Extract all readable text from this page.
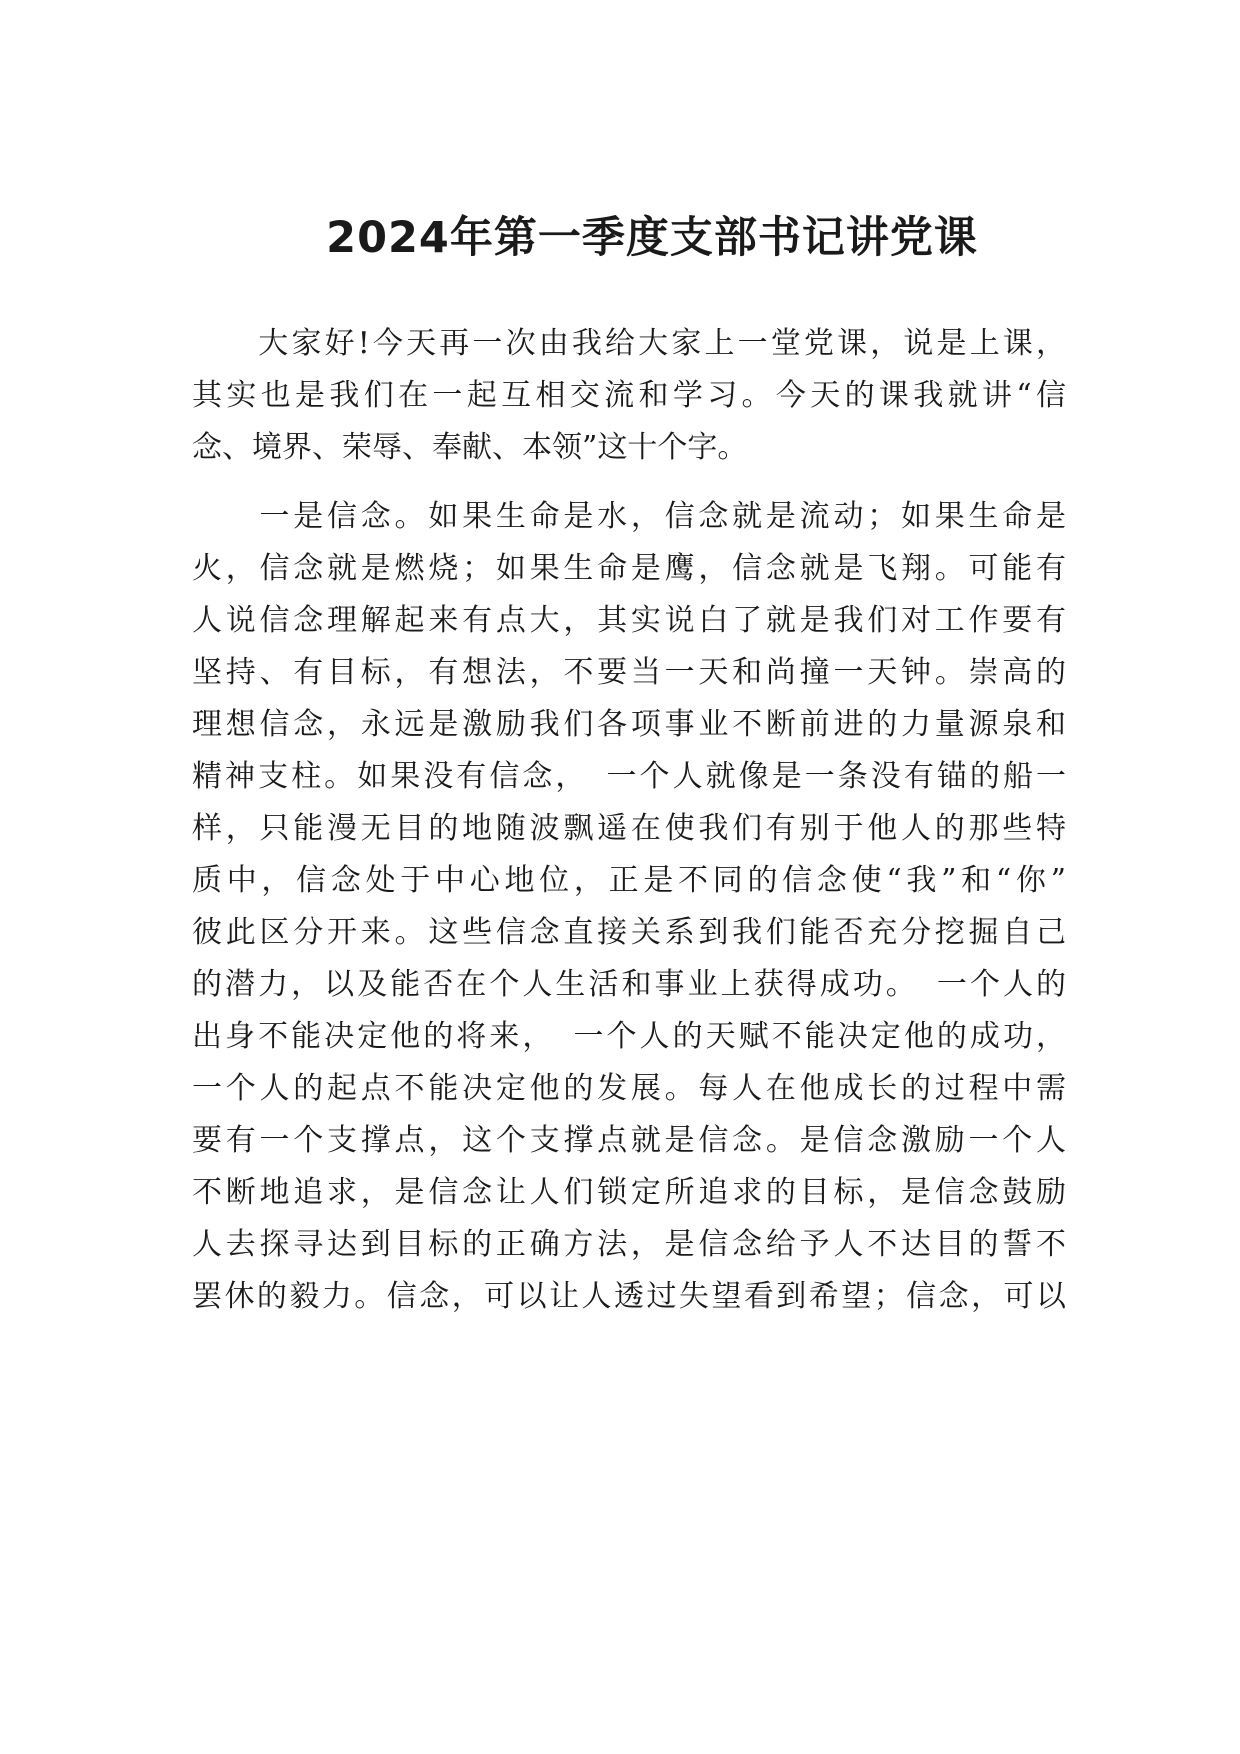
2024年第一季度支部书记讲党课
　　大家好!今天再一次由我给大家上一堂党课，说是上课，
其实也是我们在一起互相交流和学习。今天的课我就讲“信
念、境界、荣辱、奉献、本领”这十个字。
　　一是信念。如果生命是水，信念就是流动；如果生命是
火，信念就是燃烧；如果生命是鹰，信念就是飞翔。可能有
人说信念理解起来有点大，其实说白了就是我们对工作要有
坚持、有目标，有想法，不要当一天和尚撞一天钟。崇高的
理想信念，永远是激励我们各项事业不断前进的力量源泉和
精神支柱。如果没有信念，　一个人就像是一条没有锚的船一
样，只能漫无目的地随波飘遥在使我们有别于他人的那些特
质中，信念处于中心地位，正是不同的信念使“我”和“你”
彼此区分开来。这些信念直接关系到我们能否充分挖掘自己
的潜力，以及能否在个人生活和事业上获得成功。　一个人的
出身不能决定他的将来，　一个人的天赋不能决定他的成功，
一个人的起点不能决定他的发展。每人在他成长的过程中需
要有一个支撑点，这个支撑点就是信念。是信念激励一个人
不断地追求，是信念让人们锁定所追求的目标，是信念鼓励
人去探寻达到目标的正确方法，是信念给予人不达目的誓不
罢休的毅力。信念，可以让人透过失望看到希望；信念，可以
